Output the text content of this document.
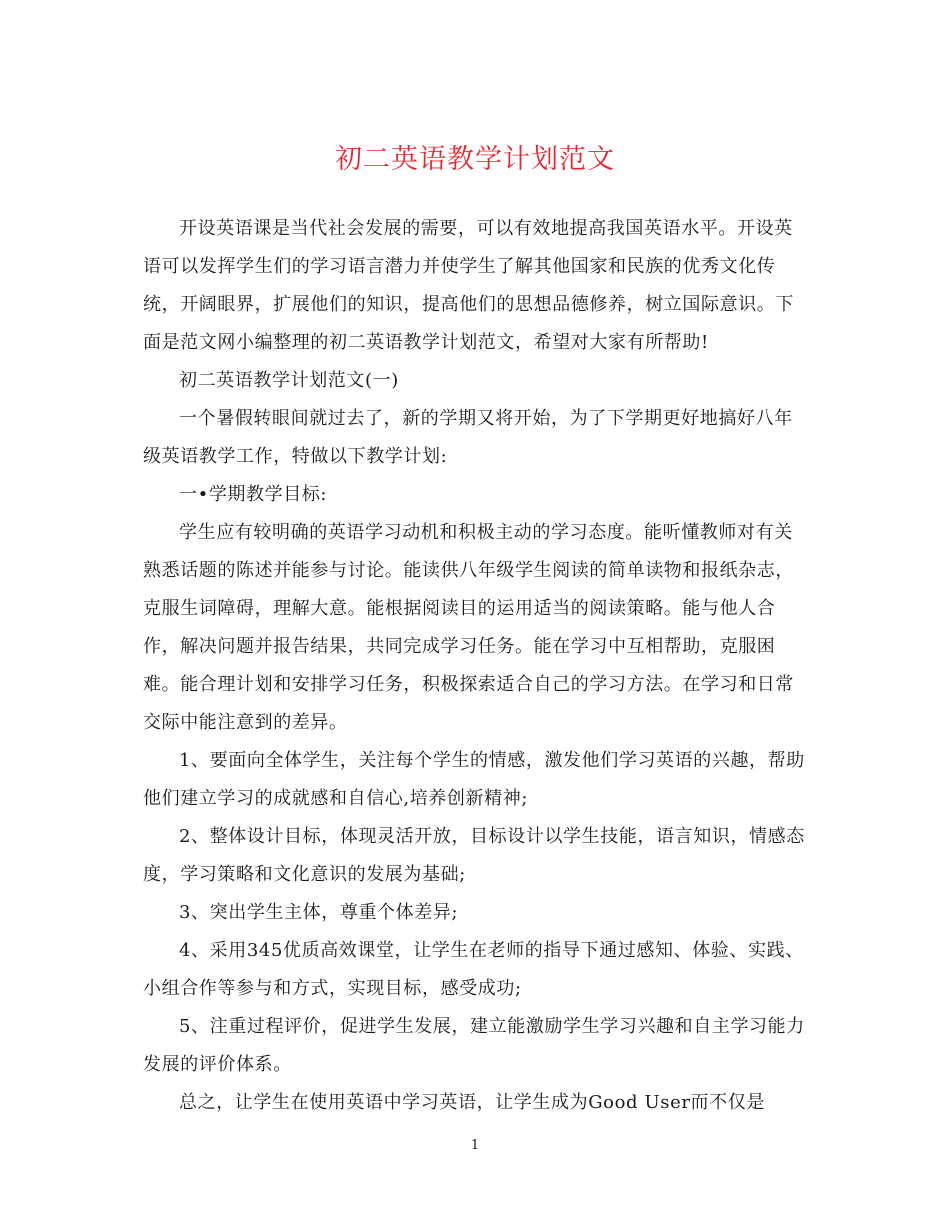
初二英语教学计划范文

开设英语课是当代社会发展的需要，可以有效地提高我国英语水平。开设英语可以发挥学生们的学习语言潜力并使学生了解其他国家和民族的优秀文化传统，开阔眼界，扩展他们的知识，提高他们的思想品德修养，树立国际意识。下面是范文网小编整理的初二英语教学计划范文，希望对大家有所帮助!

初二英语教学计划范文(一)

一个暑假转眼间就过去了，新的学期又将开始，为了下学期更好地搞好八年级英语教学工作，特做以下教学计划:

一•学期教学目标:

学生应有较明确的英语学习动机和积极主动的学习态度。能听懂教师对有关熟悉话题的陈述并能参与讨论。能读供八年级学生阅读的简单读物和报纸杂志，克服生词障碍，理解大意。能根据阅读目的运用适当的阅读策略。能与他人合作，解决问题并报告结果，共同完成学习任务。能在学习中互相帮助，克服困难。能合理计划和安排学习任务，积极探索适合自己的学习方法。在学习和日常交际中能注意到的差异。

1、要面向全体学生，关注每个学生的情感，激发他们学习英语的兴趣，帮助他们建立学习的成就感和自信心,培养创新精神;

2、整体设计目标，体现灵活开放，目标设计以学生技能，语言知识，情感态度，学习策略和文化意识的发展为基础;

3、突出学生主体，尊重个体差异;

4、采用345优质高效课堂，让学生在老师的指导下通过感知、体验、实践、小组合作等参与和方式，实现目标，感受成功;

5、注重过程评价，促进学生发展，建立能激励学生学习兴趣和自主学习能力发展的评价体系。

总之，让学生在使用英语中学习英语，让学生成为Good User而不仅是

1
